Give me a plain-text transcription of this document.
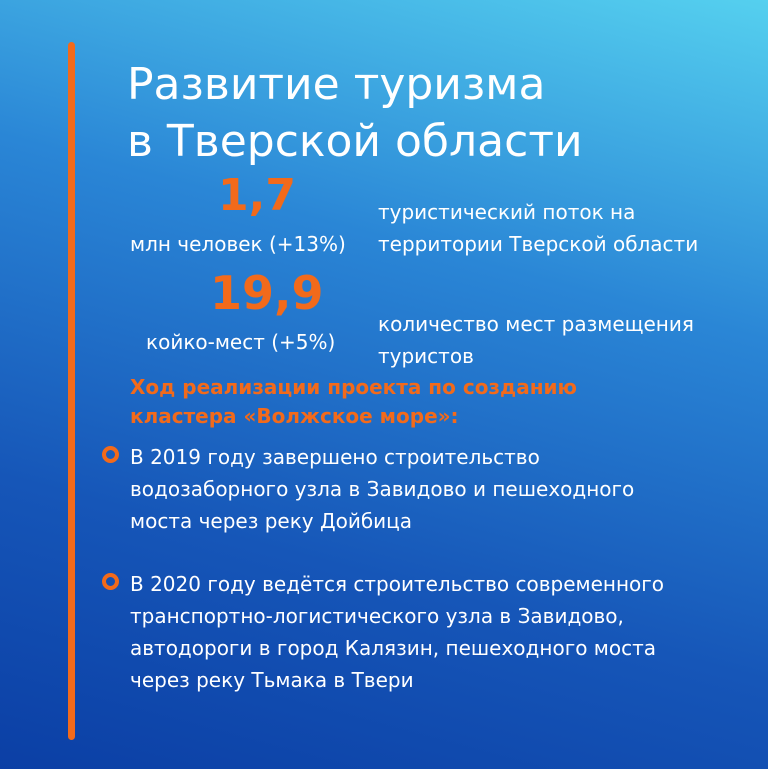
Развитие туризма
в Тверской области
1,7
млн человек (+13%)
туристический поток на
территории Тверской области
19,9
койко-мест (+5%)
количество мест размещения
туристов
Ход реализации проекта по созданию
кластера «Волжское море»:
В 2019 году завершено строительство
водозаборного узла в Завидово и пешеходного
моста через реку Дойбица
В 2020 году ведётся строительство современного
транспортно-логистического узла в Завидово,
автодороги в город Калязин, пешеходного моста
через реку Тьмака в Твери
